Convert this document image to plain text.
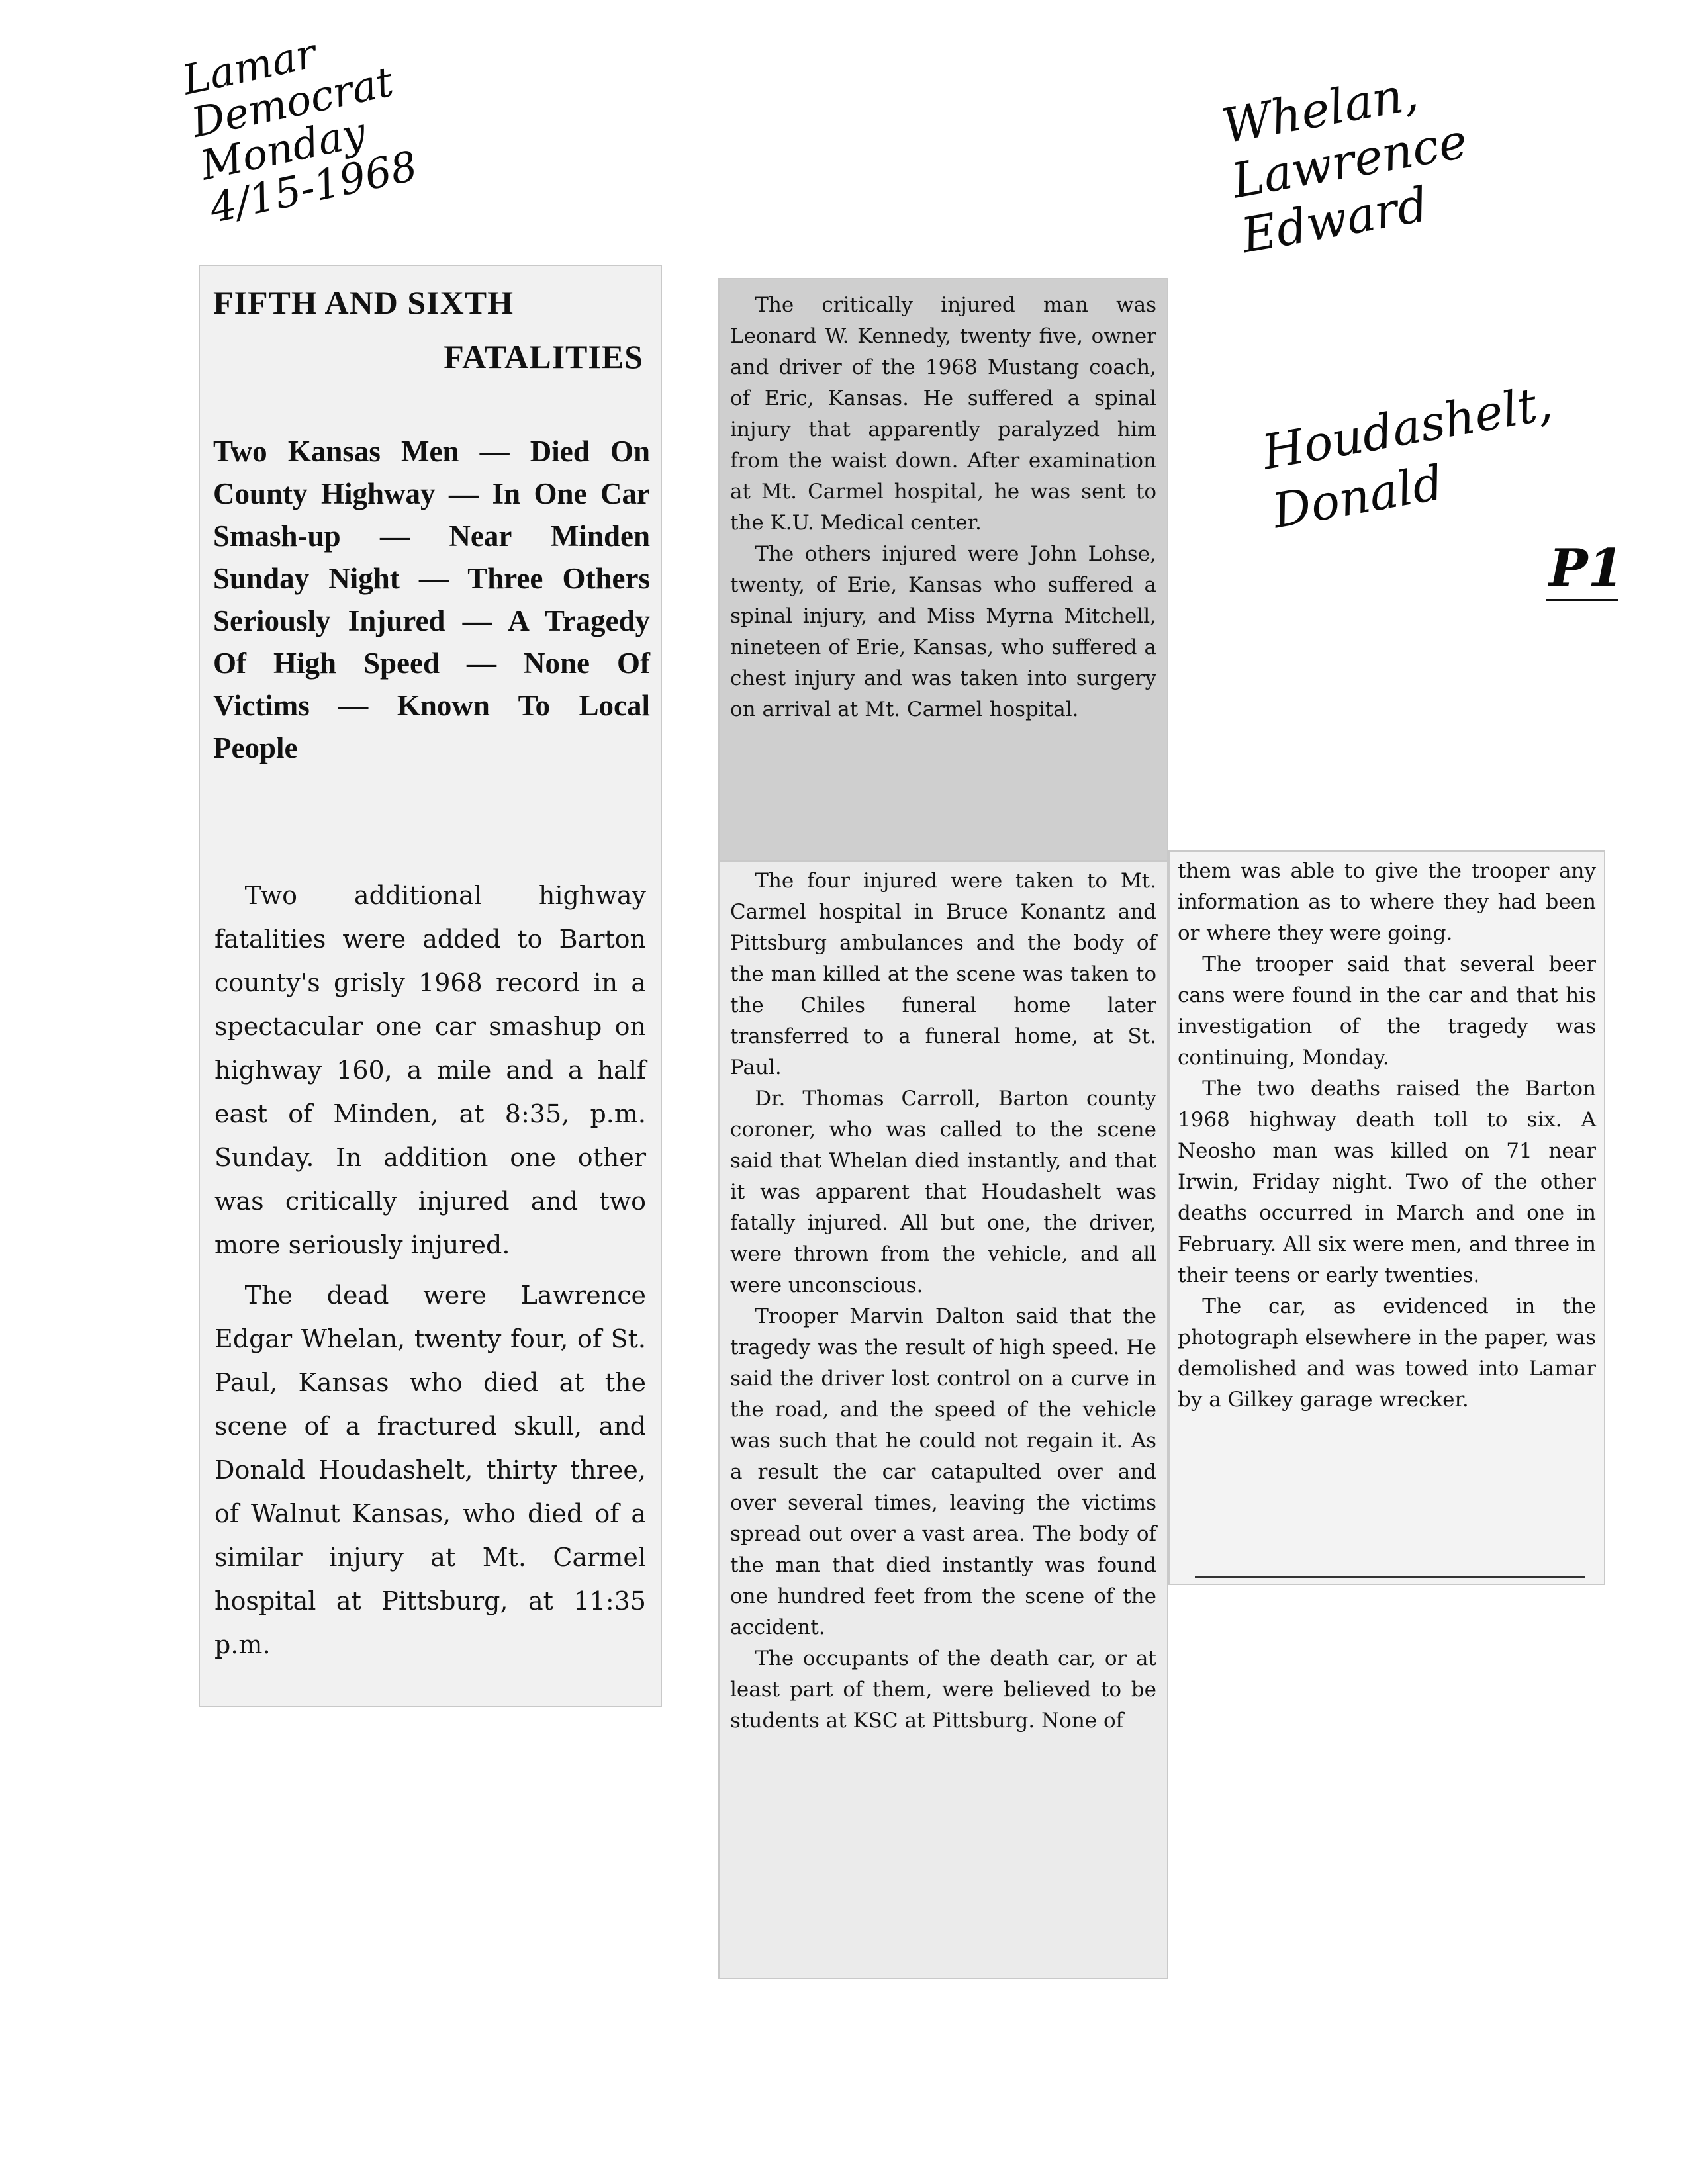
Lamar
Democrat
Monday
4/15-1968
Whelan,
Lawrence
Edward
Houdashelt,
Donald
P1
FIFTH AND SIXTH
FATALITIES
Two Kansas Men — Died On County Highway — In One Car Smash-up — Near Minden Sunday Night — Three Others Seriously Injured — A Tragedy Of High Speed — None Of Victims — Known To Local People

Two additional highway fatalities were added to Barton county's grisly 1968 record in a spectacular one car smashup on highway 160, a mile and a half east of Minden, at 8:35, p.m. Sunday. In addition one other was critically injured and two more seriously injured.

The dead were Lawrence Edgar Whelan, twenty four, of St. Paul, Kansas who died at the scene of a fractured skull, and Donald Houdashelt, thirty three, of Walnut Kansas, who died of a similar injury at Mt. Carmel hospital at Pittsburg, at 11:35 p.m.

The critically injured man was Leonard W. Kennedy, twenty five, owner and driver of the 1968 Mustang coach, of Eric, Kansas. He suffered a spinal injury that apparently paralyzed him from the waist down. After examination at Mt. Carmel hospital, he was sent to the K.U. Medical center.

The others injured were John Lohse, twenty, of Erie, Kansas who suffered a spinal injury, and Miss Myrna Mitchell, nineteen of Erie, Kansas, who suffered a chest injury and was taken into surgery on arrival at Mt. Carmel hospital.

The four injured were taken to Mt. Carmel hospital in Bruce Konantz and Pittsburg ambulances and the body of the man killed at the scene was taken to the Chiles funeral home later transferred to a funeral home, at St. Paul.

Dr. Thomas Carroll, Barton county coroner, who was called to the scene said that Whelan died instantly, and that it was apparent that Houdashelt was fatally injured. All but one, the driver, were thrown from the vehicle, and all were unconscious.

Trooper Marvin Dalton said that the tragedy was the result of high speed. He said the driver lost control on a curve in the road, and the speed of the vehicle was such that he could not regain it. As a result the car catapulted over and over several times, leaving the victims spread out over a vast area. The body of the man that died instantly was found one hundred feet from the scene of the accident.

The occupants of the death car, or at least part of them, were believed to be students at KSC at Pittsburg. None of

them was able to give the trooper any information as to where they had been or where they were going.

The trooper said that several beer cans were found in the car and that his investigation of the tragedy was continuing, Monday.

The two deaths raised the Barton 1968 highway death toll to six. A Neosho man was killed on 71 near Irwin, Friday night. Two of the other deaths occurred in March and one in February. All six were men, and three in their teens or early twenties.

The car, as evidenced in the photograph elsewhere in the paper, was demolished and was towed into Lamar by a Gilkey garage wrecker.
